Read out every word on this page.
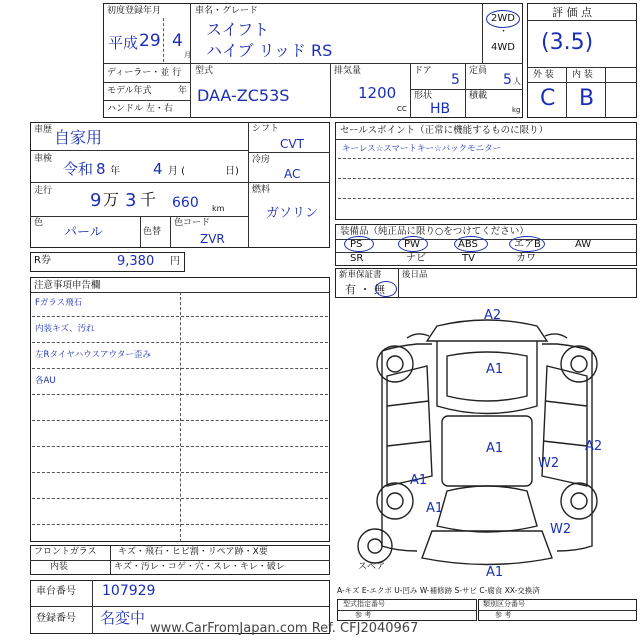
初度登録年月
平成 29 4
月
車名・グレード
スイフト
ハイブ リッド RS
2WD
・
4WD
ディーラー・並 行
モデル年式	年
ハンドル 左・右
型式
DAA-ZC53S
排気量
1200
CC
ドア
5
定員
5 人
形状
HB
積載
kg
評 価 点
(3.5)
外 装 内 装
C B
車歴 自家用
車検
令和 8 年 4 月 (	日)
走行 9 万 3 千 660 km
色
パール	色替
色コード
ZVR
シフト
CVT
冷房
AC
燃料
ガソリン
R券	9,380 円
セールスポイント（正常に機能するものに限り）
キーレス☆スマートキー☆バックモニター
装備品（純正品に限り○をつけてください）
PS	PW	ABS	エアB	AW
SR	ナビ	TV	カワ
新車保証書
有 ・ 無
後日品
注意事項申告欄
Fガラス飛石
内装キズ、汚れ
左Rタイヤハウスアウター歪み
各AU
フロントガラス キズ・飛石・ヒビ割・リペア跡・X要
内装	キズ・汚レ・コゲ・穴・スレ・キレ・破レ
車台番号 107929
登録番号 名変中
A2
A1
A1	A2
W2
A1
A1
W2
A1
スペア
A-キズ E-エクボ U-凹み W-補修跡 S-サビ C-腐食 XX-交換済
型式指定番号
参 考
類別区分番号
参 考
www.CarFromJapan.com Ref. CFJ2040967
